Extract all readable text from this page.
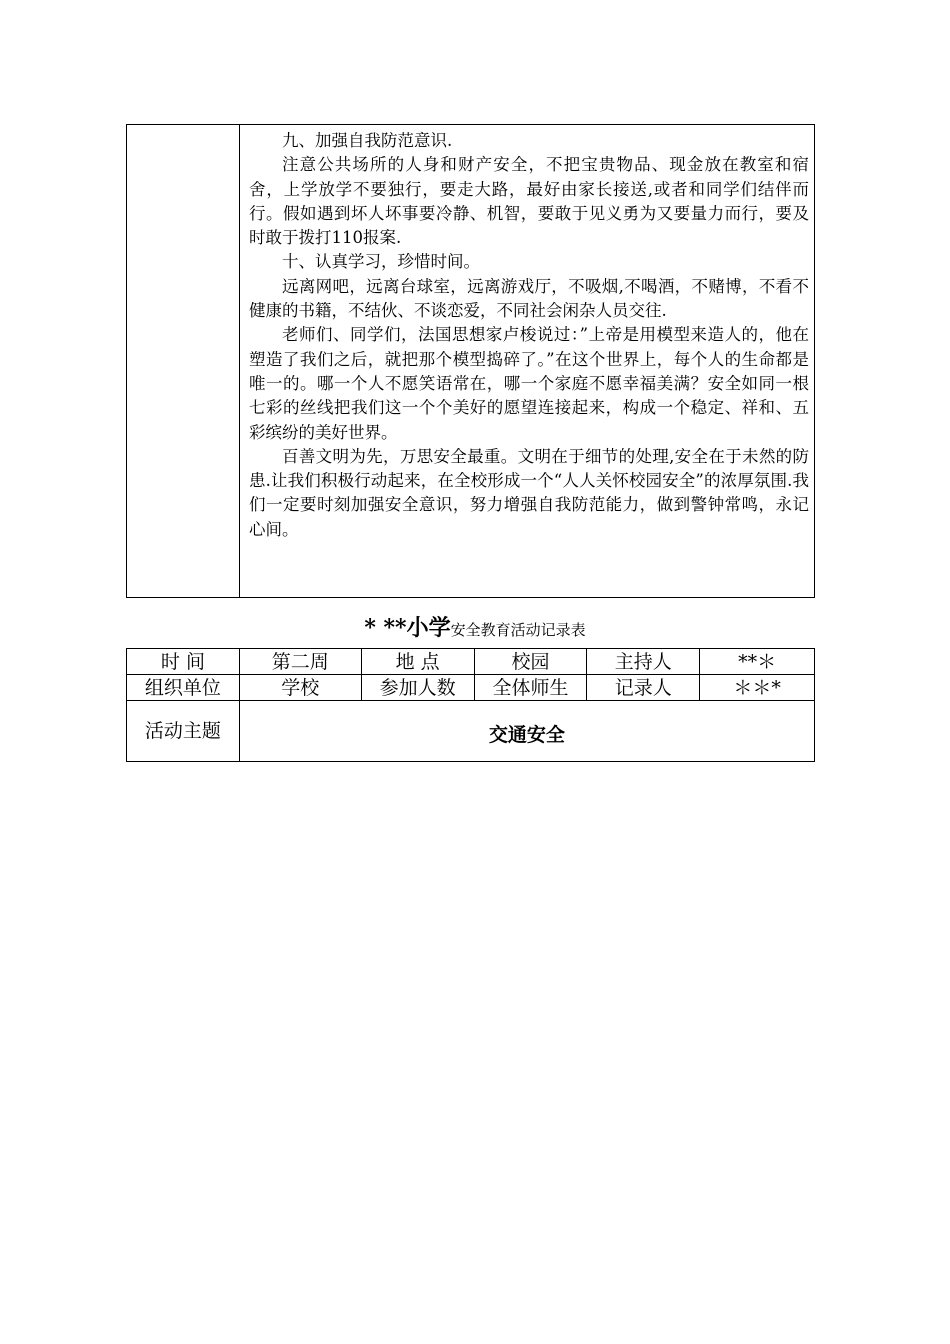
九、加强自我防范意识.

注意公共场所的人身和财产安全，不把宝贵物品、现金放在教室和宿舍，上学放学不要独行，要走大路，最好由家长接送,或者和同学们结伴而行。假如遇到坏人坏事要冷静、机智，要敢于见义勇为又要量力而行，要及时敢于拨打110报案.

十、认真学习，珍惜时间。

远离网吧，远离台球室，远离游戏厅，不吸烟,不喝酒，不赌博，不看不健康的书籍，不结伙、不谈恋爱，不同社会闲杂人员交往.

老师们、同学们，法国思想家卢梭说过：”上帝是用模型来造人的，他在塑造了我们之后，就把那个模型捣碎了。”在这个世界上，每个人的生命都是唯一的。哪一个人不愿笑语常在，哪一个家庭不愿幸福美满？安全如同一根七彩的丝线把我们这一个个美好的愿望连接起来，构成一个稳定、祥和、五彩缤纷的美好世界。

百善文明为先，万思安全最重。文明在于细节的处理,安全在于未然的防患.让我们积极行动起来，在全校形成一个“人人关怀校园安全”的浓厚氛围.我们一定要时刻加强安全意识，努力增强自我防范能力，做到警钟常鸣，永记心间。

* **小学安全教育活动记录表
时 间	第二周	地 点	校园	主持人	**＊
组织单位	学校	参加人数	全体师生	记录人	＊＊*
活动主题	交通安全				
